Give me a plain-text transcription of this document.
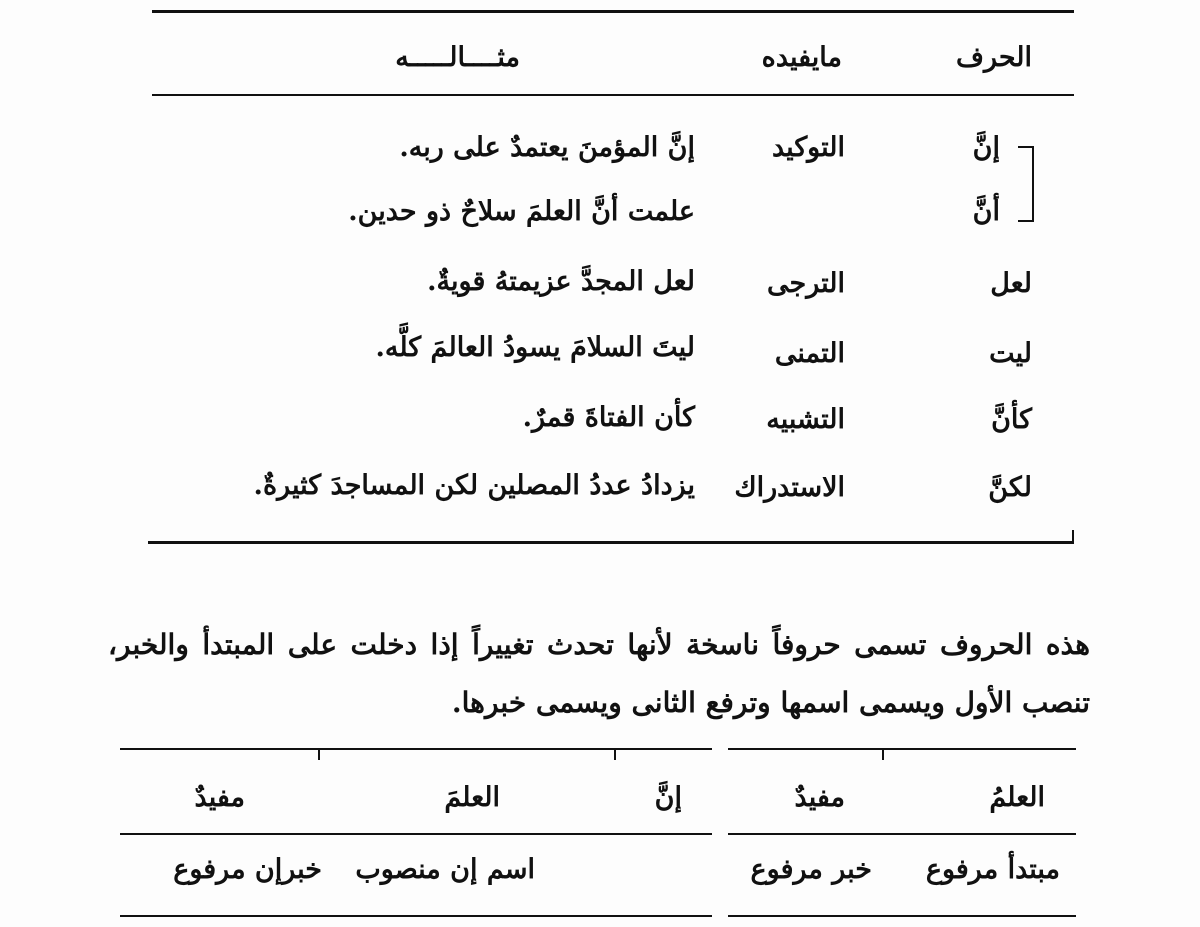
الحرف
مايفيده
مثــــالـــــه
إنَّ
التوكيد
إنَّ المؤمنَ يعتمدٌ على ربه.
أنَّ
علمت أنَّ العلمَ سلاحٌ ذو حدين.
لعل
الترجى
لعل المجدَّ عزيمتهُ قويةٌ.
ليت
التمنى
ليتَ السلامَ يسودُ العالمَ كلَّه.
كأنَّ
التشبيه
كأن الفتاةَ قمرٌ.
لكنَّ
الاستدراك
يزدادُ عددُ المصلين لكن المساجدَ كثيرةٌ.
هذه الحروف تسمى حروفاً ناسخة لأنها تحدث تغييراً إذا دخلت على المبتدأ والخبر، تنصب الأول ويسمى اسمها وترفع الثانى ويسمى خبرها.
العلمُ
مفيدٌ
مبتدأ مرفوع
خبر مرفوع
إنَّ
العلمَ
مفيدٌ
اسم إن منصوب
خبرإن مرفوع
